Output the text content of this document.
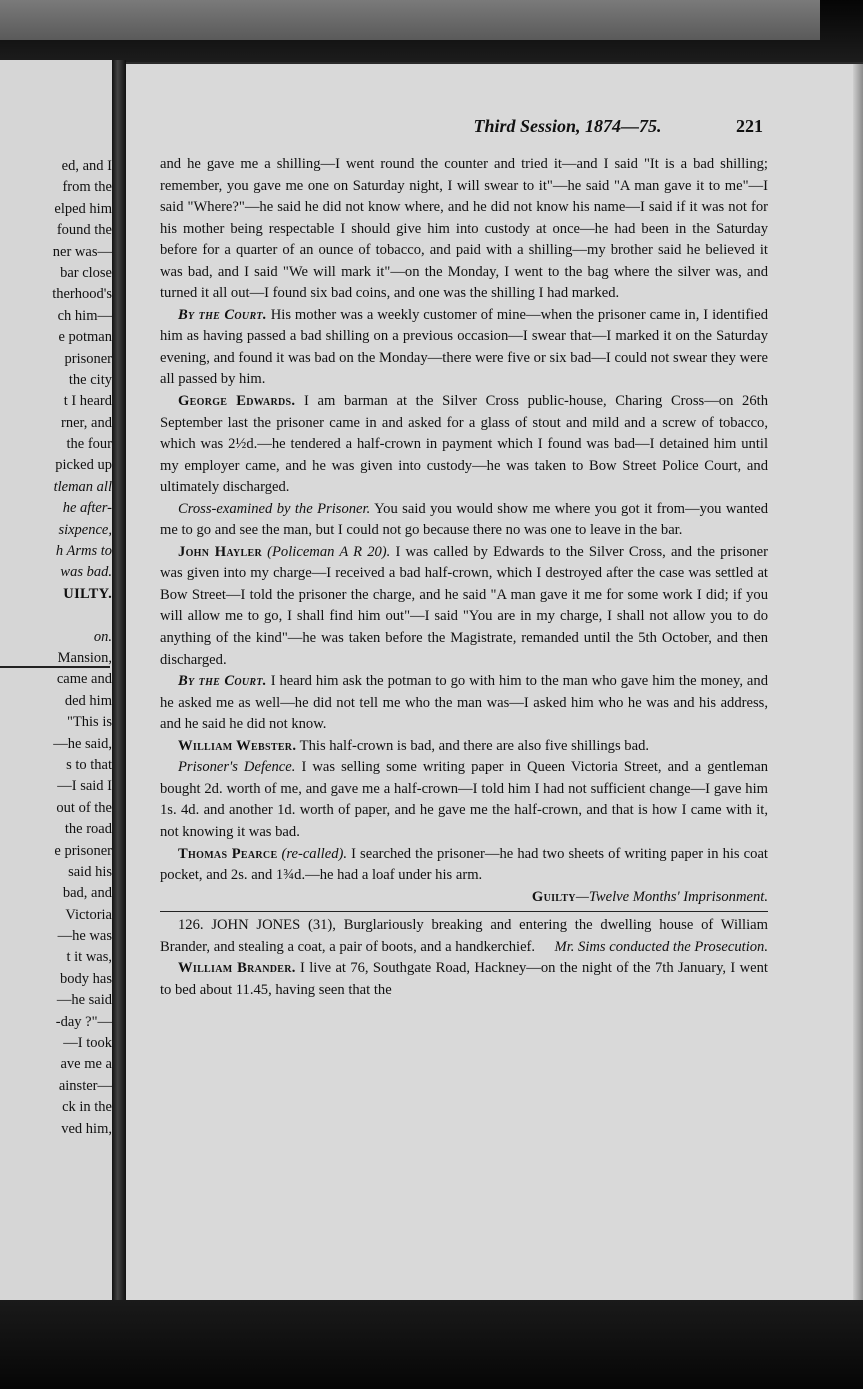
ed, and I
from the
elped him
found the
ner was—
bar close
therhood's
ch him—
e potman
prisoner
the city
t I heard
rner, and
the four
picked up
tleman all
he after-
sixpence,
h Arms to
was bad.
UILTY.

on.
Mansion,
came and
ded him
"This is
—he said,
s to that
—I said I
out of the
the road
e prisoner
said his
bad, and
Victoria
—he was
t it was,
body has
—he said
-day ?"—
—I took
ave me a
ainster—
ck in the
ved him,
Third Session, 1874—75.	221

and he gave me a shilling—I went round the counter and tried it—and I said "It is a bad shilling; remember, you gave me one on Saturday night, I will swear to it"—he said "A man gave it to me"—I said "Where?"—he said he did not know where, and he did not know his name—I said if it was not for his mother being respectable I should give him into custody at once—he had been in the Saturday before for a quarter of an ounce of tobacco, and paid with a shilling—my brother said he believed it was bad, and I said "We will mark it"—on the Monday, I went to the bag where the silver was, and turned it all out—I found six bad coins, and one was the shilling I had marked.

By the Court. His mother was a weekly customer of mine—when the prisoner came in, I identified him as having passed a bad shilling on a previous occasion—I swear that—I marked it on the Saturday evening, and found it was bad on the Monday—there were five or six bad—I could not swear they were all passed by him.

George Edwards. I am barman at the Silver Cross public-house, Charing Cross—on 26th September last the prisoner came in and asked for a glass of stout and mild and a screw of tobacco, which was 2½d.—he tendered a half-crown in payment which I found was bad—I detained him until my employer came, and he was given into custody—he was taken to Bow Street Police Court, and ultimately discharged.

Cross-examined by the Prisoner. You said you would show me where you got it from—you wanted me to go and see the man, but I could not go because there no was one to leave in the bar.

John Hayler (Policeman A R 20). I was called by Edwards to the Silver Cross, and the prisoner was given into my charge—I received a bad half-crown, which I destroyed after the case was settled at Bow Street—I told the prisoner the charge, and he said "A man gave it me for some work I did; if you will allow me to go, I shall find him out"—I said "You are in my charge, I shall not allow you to do anything of the kind"—he was taken before the Magistrate, remanded until the 5th October, and then discharged.

By the Court. I heard him ask the potman to go with him to the man who gave him the money, and he asked me as well—he did not tell me who the man was—I asked him who he was and his address, and he said he did not know.

William Webster. This half-crown is bad, and there are also five shillings bad.

Prisoner's Defence. I was selling some writing paper in Queen Victoria Street, and a gentleman bought 2d. worth of me, and gave me a half-crown—I told him I had not sufficient change—I gave him 1s. 4d. and another 1d. worth of paper, and he gave me the half-crown, and that is how I came with it, not knowing it was bad.

Thomas Pearce (re-called). I searched the prisoner—he had two sheets of writing paper in his coat pocket, and 2s. and 1¾d.—he had a loaf under his arm.

Guilty—Twelve Months' Imprisonment.

126. JOHN JONES (31), Burglariously breaking and entering the dwelling house of William Brander, and stealing a coat, a pair of boots, and a handkerchief.	Mr. Sims conducted the Prosecution.

William Brander. I live at 76, Southgate Road, Hackney—on the night of the 7th January, I went to bed about 11.45, having seen that the
